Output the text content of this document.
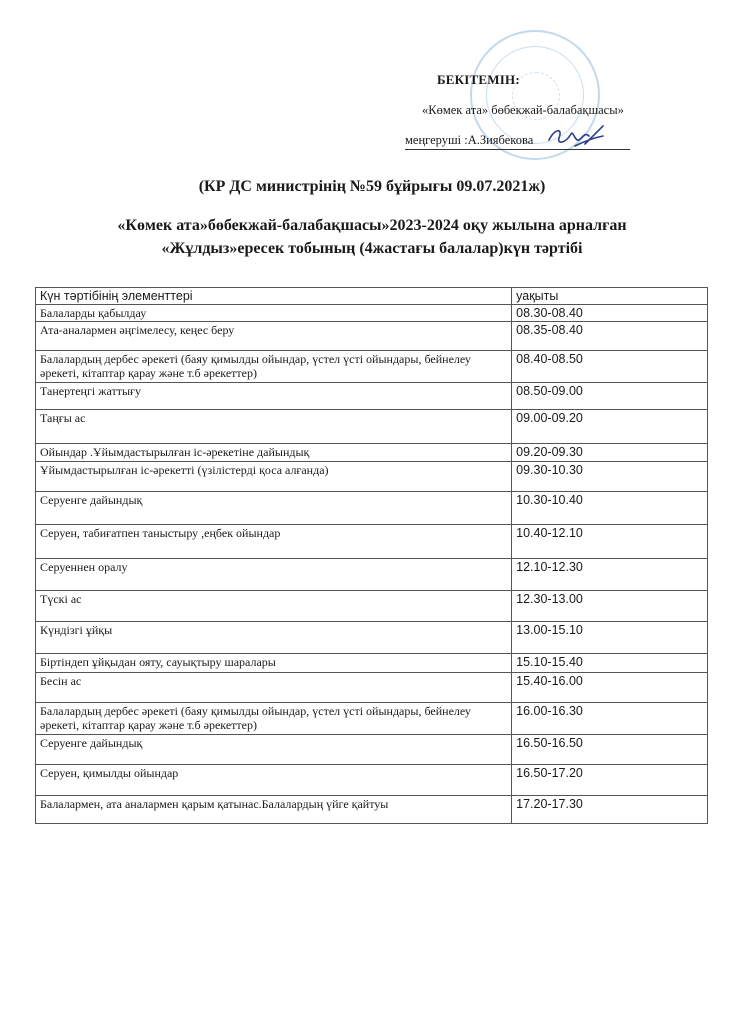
БЕКІТЕМІН:
«Көмек ата» бөбекжай-балабақшасы»
меңгеруші :А.Зиябекова
(КР ДС министрінің №59 бұйрығы 09.07.2021ж)
«Көмек ата»бөбекжай-балабақшасы»2023-2024 оқу жылына арналған
«Жұлдыз»ересек тобының (4жастағы балалар)күн тәртібі
Күн тәртібінің элементтері	уақыты
Балаларды қабылдау	08.30-08.40
Ата-аналармен әңгімелесу, кеңес беру	08.35-08.40
Балалардың дербес әрекеті (баяу қимылды ойындар, үстел үсті ойындары, бейнелеу әрекеті, кітаптар қарау және т.б әрекеттер)	08.40-08.50
Танертеңгі жаттығу	08.50-09.00
Таңғы ас	09.00-09.20
Ойындар .Ұйымдастырылған іс-әрекетіне дайындық	09.20-09.30
Ұйымдастырылған іс-әрекетті (үзілістерді қоса алғанда)	09.30-10.30
Серуенге дайындық	10.30-10.40
Серуен, табиғатпен таныстыру ,еңбек ойындар	10.40-12.10
Серуеннен оралу	12.10-12.30
Түскі ас	12.30-13.00
Күндізгі ұйқы	13.00-15.10
Біртіндеп ұйқыдан ояту, сауықтыру шаралары	15.10-15.40
Бесін ас	15.40-16.00
Балалардың дербес әрекеті (баяу қимылды ойындар, үстел үсті ойындары, бейнелеу әрекеті, кітаптар қарау және т.б әрекеттер)	16.00-16.30
Серуенге дайындық	16.50-16.50
Серуен, қимылды ойындар	16.50-17.20
Балалармен, ата аналармен қарым қатынас.Балалардың үйге қайтуы	17.20-17.30
